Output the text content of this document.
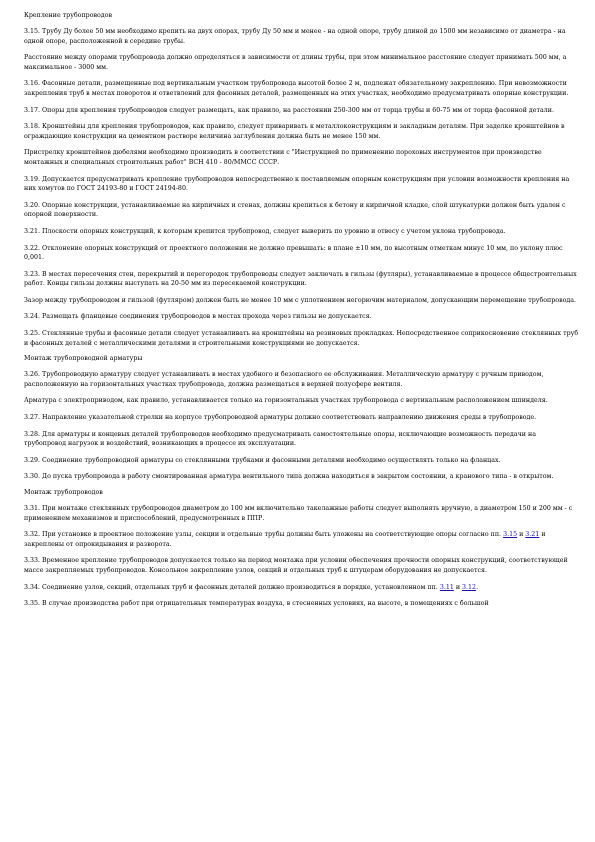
Крепление трубопроводов
3.15. Трубу Ду более 50 мм необходимо крепить на двух опорах, трубу Ду 50 мм и менее - на одной опоре, трубу длиной до 1500 мм независимо от диаметра - на одной опоре, расположенной в середине трубы.
Расстояние между опорами трубопровода должно определяться в зависимости от длины трубы, при этом минимальное расстояние следует принимать 500 мм, а максимальное - 3000 мм.
3.16. Фасонные детали, размещенные под вертикальным участком трубопровода высотой более 2 м, подлежат обязательному закреплению. При невозможности закрепления труб в местах поворотов и ответвлений для фасонных деталей, размещенных на этих участках, необходимо предусматривать опорные конструкции.
3.17. Опоры для крепления трубопроводов следует размещать, как правило, на расстоянии 250-300 мм от торца трубы и 60-75 мм от торца фасонной детали.
3.18. Кронштейны для крепления трубопроводов, как правило, следует приваривать к металлоконструкциям и закладным деталям. При заделке кронштейнов в ограждающие конструкции на цементном растворе величина заглубления должна быть не менее 150 мм.
Пристрелку кронштейнов дюбелями необходимо производить в соответствии с "Инструкцией по применению пороховых инструментов при производстве монтажных и специальных строительных работ" ВСН 410 - 80/ММСС СССР.
3.19. Допускается предусматривать крепление трубопроводов непосредственно к поставляемым опорным конструкциям при условии возможности крепления на них хомутов по ГОСТ 24193-80 и ГОСТ 24194-80.
3.20. Опорные конструкции, устанавливаемые на кирпичных и стенах, должны крепиться к бетону и кирпичной кладке, слой штукатурки должен быть удален с опорной поверхности.
3.21. Плоскости опорных конструкций, к которым крепится трубопровод, следует выверить по уровню и отвесу с учетом уклона трубопровода.
3.22. Отклонение опорных конструкций от проектного положения не должно превышать: в плане ±10 мм, по высотным отметкам минус 10 мм, по уклону плюс 0,001.
3.23. В местах пересечения стен, перекрытий и перегородок трубопроводы следует заключать в гильзы (футляры), устанавливаемые в процессе общестроительных работ. Концы гильзы должны выступать на 20-50 мм из пересекаемой конструкции.
Зазор между трубопроводом и гильзой (футляром) должен быть не менее 10 мм с уплотнением негорючим материалом, допускающим перемещение трубопровода.
3.24. Размещать фланцевые соединения трубопроводов в местах прохода через гильзы не допускается.
3.25. Стеклянные трубы и фасонные детали следует устанавливать на кронштейны на резиновых прокладках. Непосредственное соприкосновение стеклянных труб и фасонных деталей с металлическими деталями и строительными конструкциями не допускается.
Монтаж трубопроводной арматуры
3.26. Трубопроводную арматуру следует устанавливать в местах удобного и безопасного ее обслуживания. Металлическую арматуру с ручным приводом, расположенную на горизонтальных участках трубопровода, должна размещаться в верхней полусфере вентиля.
Арматура с электроприводом, как правило, устанавливается только на горизонтальных участках трубопровода с вертикальным расположением шпинделя.
3.27. Направление указательной стрелки на корпусе трубопроводной арматуры должно соответствовать направлению движения среды в трубопроводе.
3.28. Для арматуры и концевых деталей трубопроводов необходимо предусматривать самостоятельные опоры, исключающие возможность передачи на трубопровод нагрузок и воздействий, возникающих в процессе их эксплуатации.
3.29. Соединение трубопроводной арматуры со стеклянными трубками и фасонными деталями необходимо осуществлять только на фланцах.
3.30. До пуска трубопровода в работу смонтированная арматура вентильного типа должна находиться в закрытом состоянии, а кранового типа - в открытом.
Монтаж трубопроводов
3.31. При монтаже стеклянных трубопроводов диаметром до 100 мм включительно такелажные работы следует выполнять вручную, а диаметром 150 и 200 мм - с применением механизмов и приспособлений, предусмотренных в ППР.
3.32. При установке в проектное положение узлы, секции и отдельные трубы должны быть уложены на соответствующие опоры согласно пп. 3.15 и 3.21 и закреплены от опрокидывания и разворота.
3.33. Временное крепление трубопроводов допускается только на период монтажа при условии обеспечения прочности опорных конструкций, соответствующей массе закрепляемых трубопроводов. Консольное закрепление узлов, секций и отдельных труб к штуцерам оборудования не допускается.
3.34. Соединение узлов, секций, отдельных труб и фасонных деталей должно производиться в порядке, установленном пп. 3.11 и 3.12.
3.35. В случае производства работ при отрицательных температурах воздуха, в стесненных условиях, на высоте, в помещениях с большой
